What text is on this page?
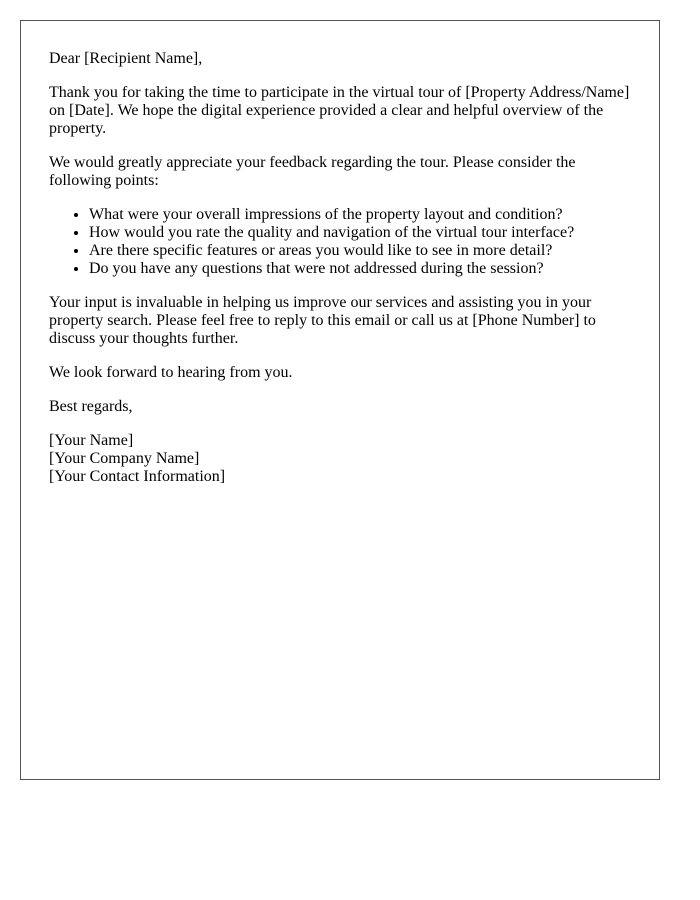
Dear [Recipient Name],

Thank you for taking the time to participate in the virtual tour of [Property Address/Name] on [Date]. We hope the digital experience provided a clear and helpful overview of the property.

We would greatly appreciate your feedback regarding the tour. Please consider the following points:

• What were your overall impressions of the property layout and condition?
• How would you rate the quality and navigation of the virtual tour interface?
• Are there specific features or areas you would like to see in more detail?
• Do you have any questions that were not addressed during the session?

Your input is invaluable in helping us improve our services and assisting you in your property search. Please feel free to reply to this email or call us at [Phone Number] to discuss your thoughts further.

We look forward to hearing from you.

Best regards,

[Your Name]
[Your Company Name]
[Your Contact Information]
